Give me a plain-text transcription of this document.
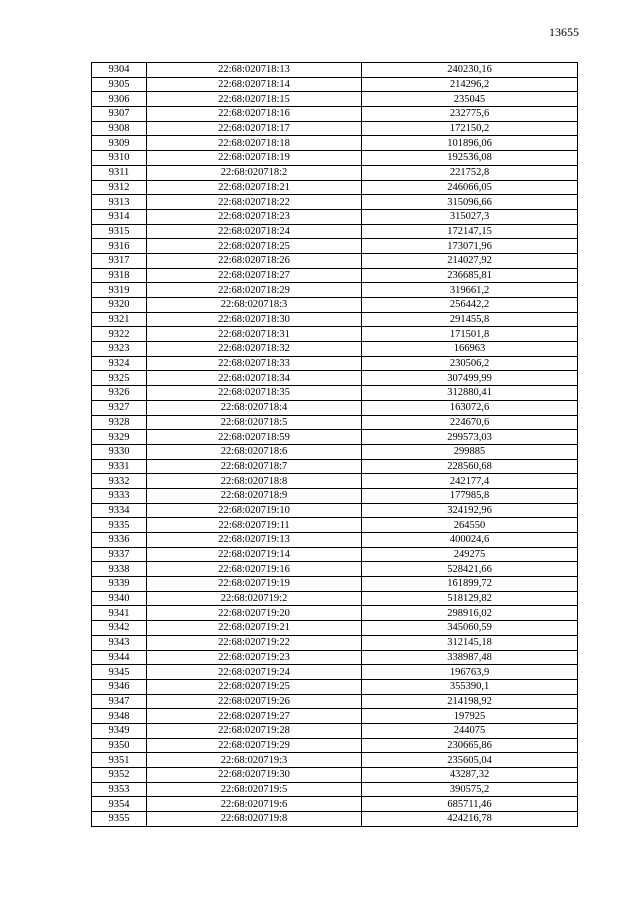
13655
9304	22:68:020718:13	240230,16
9305	22:68:020718:14	214296,2
9306	22:68:020718:15	235045
9307	22:68:020718:16	232775,6
9308	22:68:020718:17	172150,2
9309	22:68:020718:18	101896,06
9310	22:68:020718:19	192536,08
9311	22:68:020718:2	221752,8
9312	22:68:020718:21	246066,05
9313	22:68:020718:22	315096,66
9314	22:68:020718:23	315027,3
9315	22:68:020718:24	172147,15
9316	22:68:020718:25	173071,96
9317	22:68:020718:26	214027,92
9318	22:68:020718:27	236685,81
9319	22:68:020718:29	319661,2
9320	22:68:020718:3	256442,2
9321	22:68:020718:30	291455,8
9322	22:68:020718:31	171501,8
9323	22:68:020718:32	166963
9324	22:68:020718:33	230506,2
9325	22:68:020718:34	307499,99
9326	22:68:020718:35	312880,41
9327	22:68:020718:4	163072,6
9328	22:68:020718:5	224670,6
9329	22:68:020718:59	299573,03
9330	22:68:020718:6	299885
9331	22:68:020718:7	228560,68
9332	22:68:020718:8	242177,4
9333	22:68:020718:9	177985,8
9334	22:68:020719:10	324192,96
9335	22:68:020719:11	264550
9336	22:68:020719:13	400024,6
9337	22:68:020719:14	249275
9338	22:68:020719:16	528421,66
9339	22:68:020719:19	161899,72
9340	22:68:020719:2	518129,82
9341	22:68:020719:20	298916,02
9342	22:68:020719:21	345060,59
9343	22:68:020719:22	312145,18
9344	22:68:020719:23	338987,48
9345	22:68:020719:24	196763,9
9346	22:68:020719:25	355390,1
9347	22:68:020719:26	214198,92
9348	22:68:020719:27	197925
9349	22:68:020719:28	244075
9350	22:68:020719:29	230665,86
9351	22:68:020719:3	235605,04
9352	22:68:020719:30	43287,32
9353	22:68:020719:5	390575,2
9354	22:68:020719:6	685711,46
9355	22:68:020719:8	424216,78
